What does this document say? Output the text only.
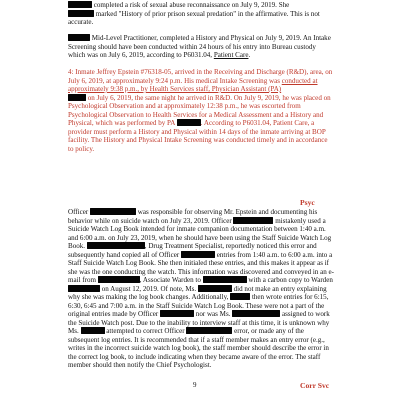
completed a risk of sexual abuse reconnaissance on July 9, 2019. She
marked "History of prior prison sexual predation" in the affirmative. This is not accurate.

Mid-Level Practitioner, completed a History and Physical on July 9, 2019. An Intake Screening should have been conducted within 24 hours of his entry into Bureau custody which was on July 6, 2019, according to P6031.04, Patient Care.

4: Inmate Jeffrey Epstein #76318-05, arrived in the Receiving and Discharge (R&D), area, on July 6, 2019, at approximately 9:24 p.m. His medical Intake Screening was conducted at approximately 9:38 p.m., by Health Services staff, Physician Assistant (PA)
on July 6, 2019, the same night he arrived in R&D. On July 9, 2019, he was placed on Psychological Observation and at approximately 12:38 p.m., he was escorted from Psychological Observation to Health Services for a Medical Assessment and a History and Physical, which was performed by PA	. According to P6031.04, Patient Care, a provider must perform a History and Physical within 14 days of the inmate arriving at BOP facility. The History and Physical Intake Screening was conducted timely and in accordance to policy.

Psyc

Officer	was responsible for observing Mr. Epstein and documenting his behavior while on suicide watch on July 23, 2019. Officer	mistakenly used a Suicide Watch Log Book intended for inmate companion documentation between 1:40 a.m. and 6:00 a.m. on July 23, 2019, when he should have been using the Staff Suicide Watch Log Book.	, Drug Treatment Specialist, reportedly noticed this error and subsequently hand copied all of Officer	entries from 1:40 a.m. to 6:00 a.m. into a Staff Suicide Watch Log Book. She then initialed these entries, and this makes it appear as if she was the one conducting the watch. This information was discovered and conveyed in an e-mail from	, Associate Warden to	with a carbon copy to Warden  on August 12, 2019. Of note, Ms.	did not make an entry explaining why she was making the log book changes. Additionally,	then wrote entries for 6:15, 6:30, 6:45 and 7:00 a.m. in the Staff Suicide Watch Log Book. These were not a part of the original entries made by Officer	nor was Ms.	assigned to work the Suicide Watch post. Due to the inability to interview staff at this time, it is unknown why Ms.	attempted to correct Officer	error, or made any of the subsequent log entries. It is recommended that if a staff member makes an entry error (e.g., writes in the incorrect suicide watch log book), the staff member should describe the error in the correct log book, to include indicating when they became aware of the error. The staff member should then notify the Chief Psychologist.

9	Corr Svc
